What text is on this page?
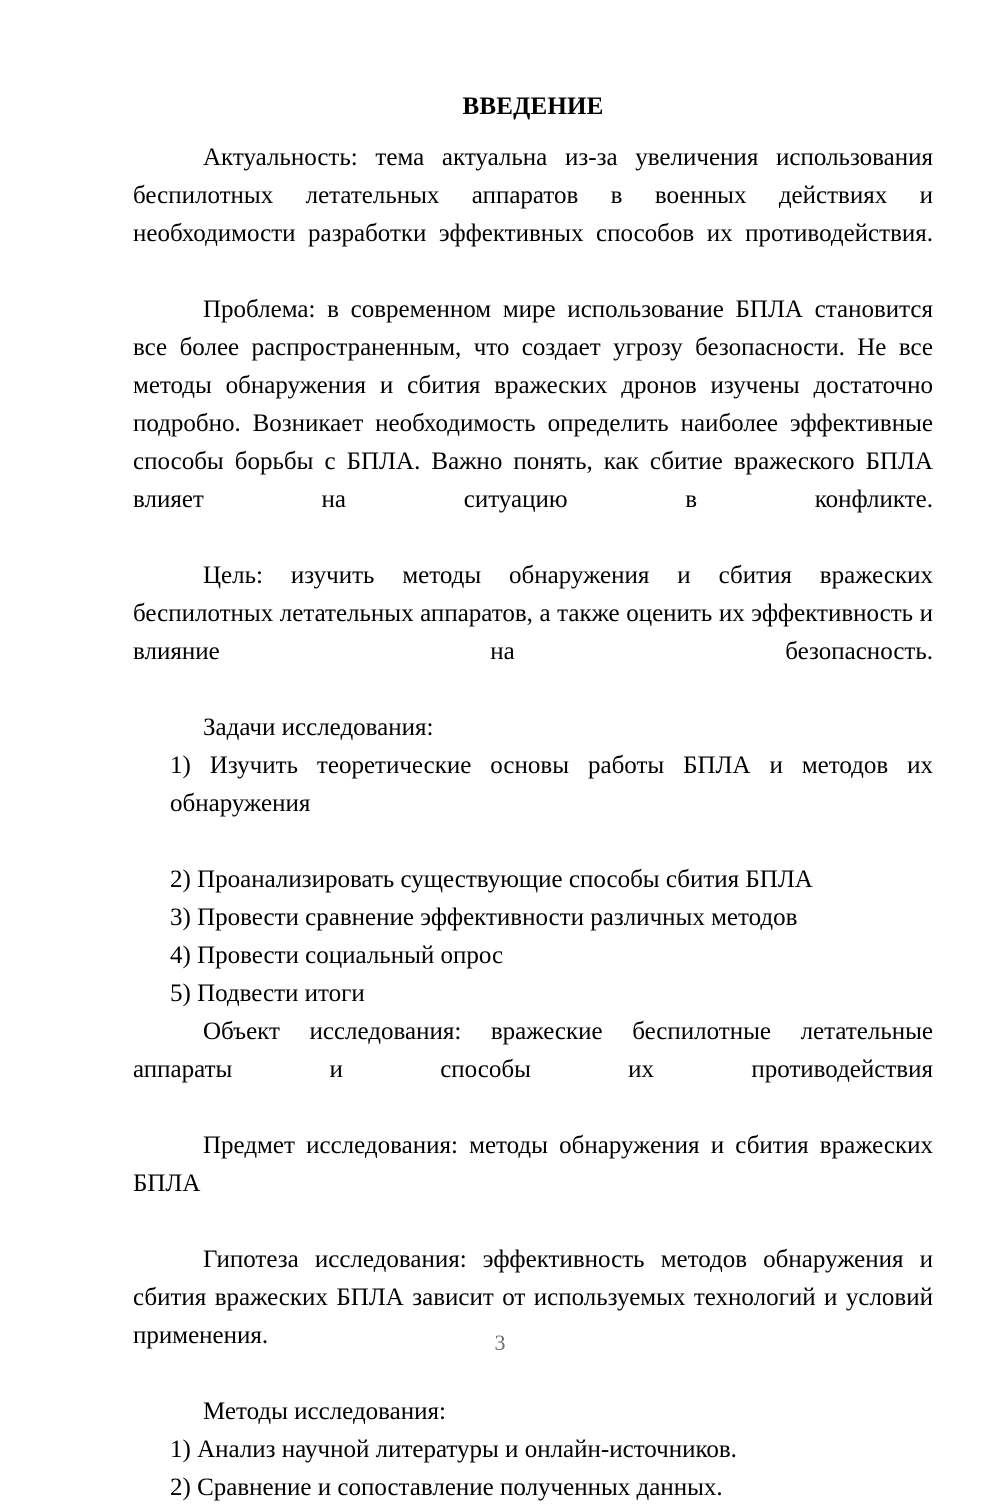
ВВЕДЕНИЕ

Актуальность: тема актуальна из-за увеличения использования беспилотных летательных аппаратов в военных действиях и необходимости разработки эффективных способов их противодействия.

Проблема: в современном мире использование БПЛА становится все более распространенным, что создает угрозу безопасности. Не все методы обнаружения и сбития вражеских дронов изучены достаточно подробно. Возникает необходимость определить наиболее эффективные способы борьбы с БПЛА. Важно понять, как сбитие вражеского БПЛА влияет на ситуацию в конфликте.

Цель: изучить методы обнаружения и сбития вражеских беспилотных летательных аппаратов, а также оценить их эффективность и влияние на безопасность.

Задачи исследования:

1) Изучить теоретические основы работы БПЛА и методов их обнаружения

2) Проанализировать существующие способы сбития БПЛА

3) Провести сравнение эффективности различных методов

4) Провести социальный опрос

5) Подвести итоги

Объект исследования: вражеские беспилотные летательные аппараты и способы их противодействия

Предмет исследования: методы обнаружения и сбития вражеских БПЛА

Гипотеза исследования: эффективность методов обнаружения и сбития вражеских БПЛА зависит от используемых технологий и условий применения.

Методы исследования:

1) Анализ научной литературы и онлайн-источников.

2) Сравнение и сопоставление полученных данных.

3
